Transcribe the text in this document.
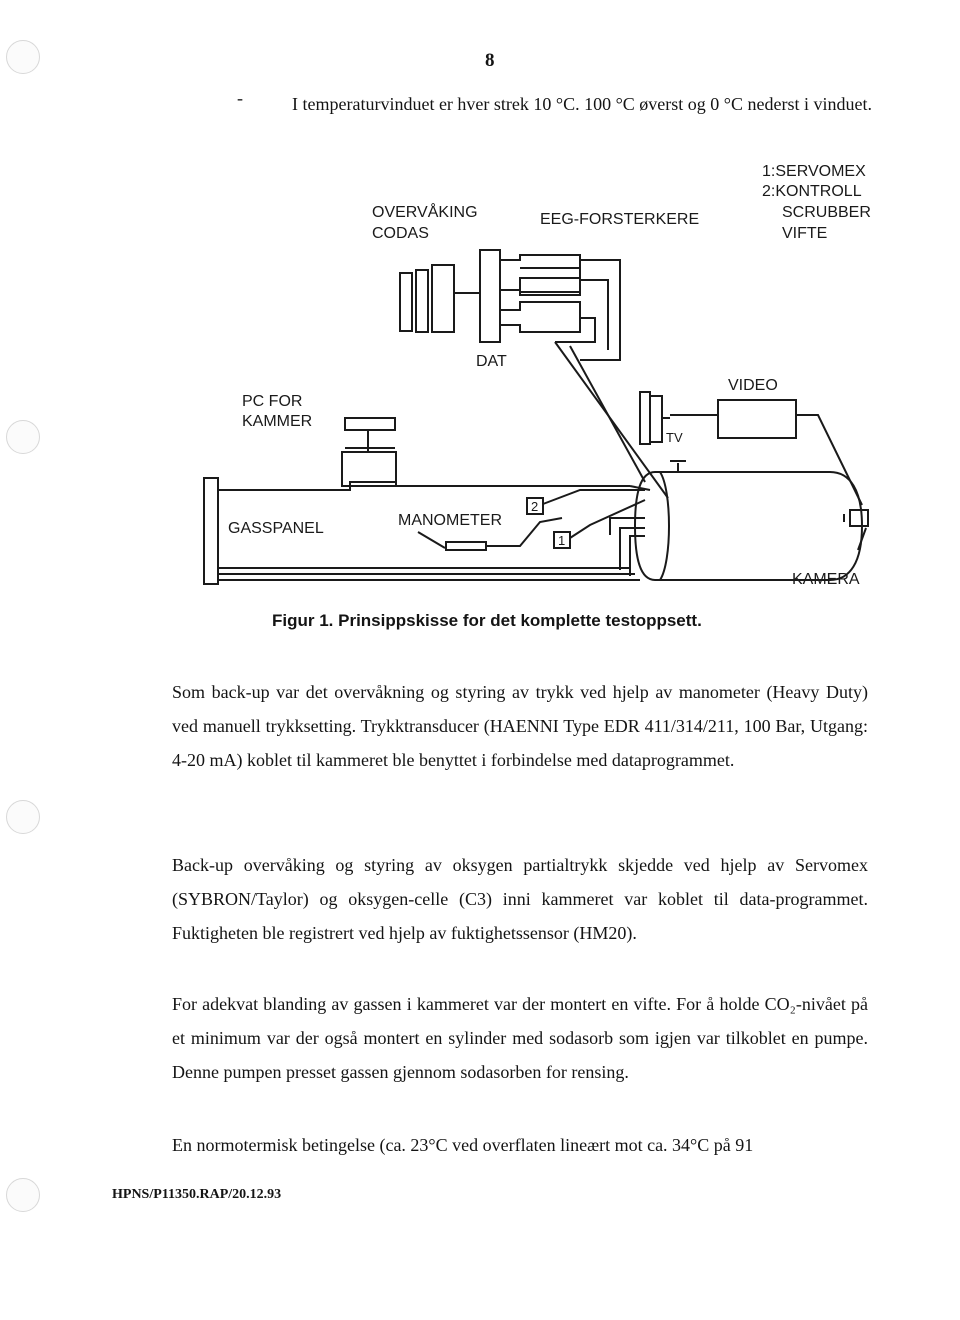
8
-	I temperaturvinduet er hver strek 10 °C. 100 °C øverst og 0 °C nederst i vinduet.
OVERVÅKING
CODAS
EEG-FORSTERKERE
1:SERVOMEX
2:KONTROLL
SCRUBBER
VIFTE
DAT
VIDEO
TV
PC FOR
KAMMER
GASSPANEL	MANOMETER
2
1
KAMERA
Figur 1. Prinsippskisse for det komplette testoppsett.

Som back-up var det overvåkning og styring av trykk ved hjelp av manometer (Heavy Duty) ved manuell trykksetting. Trykktransducer (HAENNI Type EDR 411/314/211, 100 Bar, Utgang: 4-20 mA) koblet til kammeret ble benyttet i forbindelse med dataprogrammet.

Back-up overvåking og styring av oksygen partialtrykk skjedde ved hjelp av Servomex (SYBRON/Taylor) og oksygen-celle (C3) inni kammeret var koblet til data-programmet. Fuktigheten ble registrert ved hjelp av fuktighetssensor (HM20).

For adekvat blanding av gassen i kammeret var der montert en vifte. For å holde CO₂-nivået på et minimum var der også montert en sylinder med sodasorb som igjen var tilkoblet en pumpe. Denne pumpen presset gassen gjennom sodasorben for rensing.

En normotermisk betingelse (ca. 23°C ved overflaten lineært mot ca. 34°C på 91

HPNS/P11350.RAP/20.12.93
